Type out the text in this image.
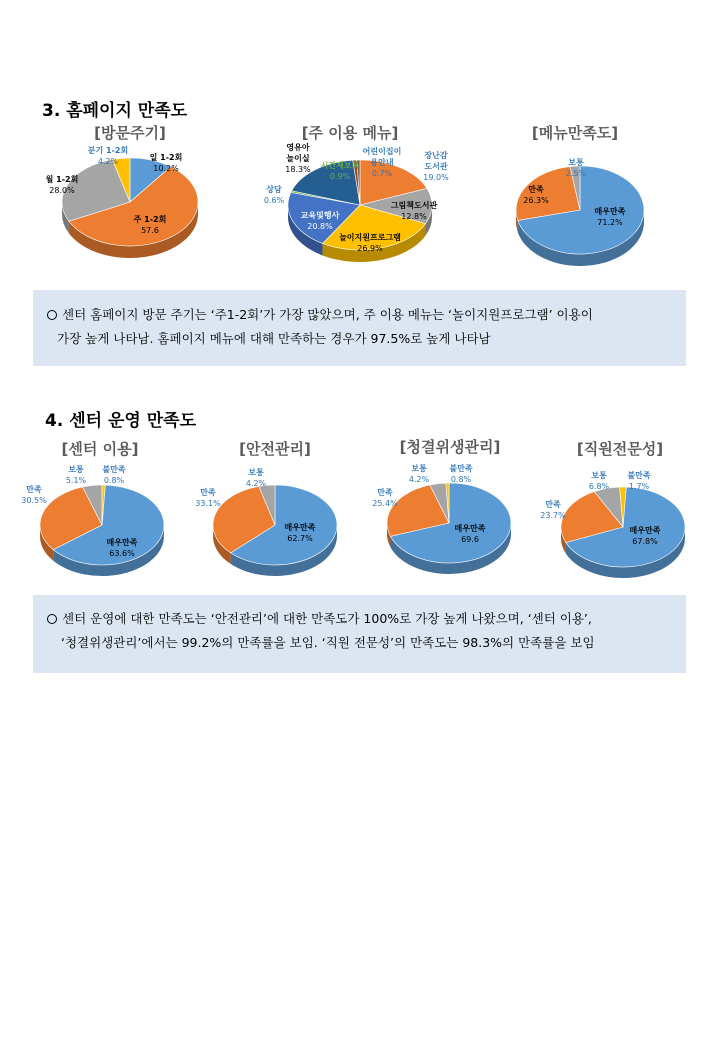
3. 홈페이지 만족도
[방문주기]	[주 이용 메뉴]	[메뉴만족도]
일 1-2회 10.2%
주 1-2회 57.6
월 1-2회 28.0%
분기 1-2회 4.2%
장난감 도서관 19.0%
그림책도서관 12.8%
놀이지원프로그램 26.9%
교육및행사 20.8%
상담 0.6%
영유아 놀이실 18.3% 시간제보육 0.9%
어린이집이 용안내 0.7%
매우만족 71.2%
만족 26.3%
보통 2.5%
센터 홈페이지 방문 주기는 ‘주1-2회’가 가장 많았으며, 주 이용 메뉴는 ‘놀이지원프로그램’ 이용이
가장 높게 나타남. 홈페이지 메뉴에 대해 만족하는 경우가 97.5%로 높게 나타남
4. 센터 운영 만족도
[센터 이용]	[안전관리]	[청결위생관리]	[직원전문성]
매우만족 63.6%
만족 30.5%
보통 5.1%
불만족 0.8%
매우만족 62.7%
만족 33.1%
보통 4.2%
매우만족 69.6
만족 25.4%
보통 4.2%
불만족 0.8%
매우만족 67.8%
만족 23.7%
보통 6.8%
불만족 1.7%
센터 운영에 대한 만족도는 ‘안전관리’에 대한 만족도가 100%로 가장 높게 나왔으며, ‘센터 이용’,
‘청결위생관리’에서는 99.2%의 만족률을 보임. ‘직원 전문성’의 만족도는 98.3%의 만족률을 보임
